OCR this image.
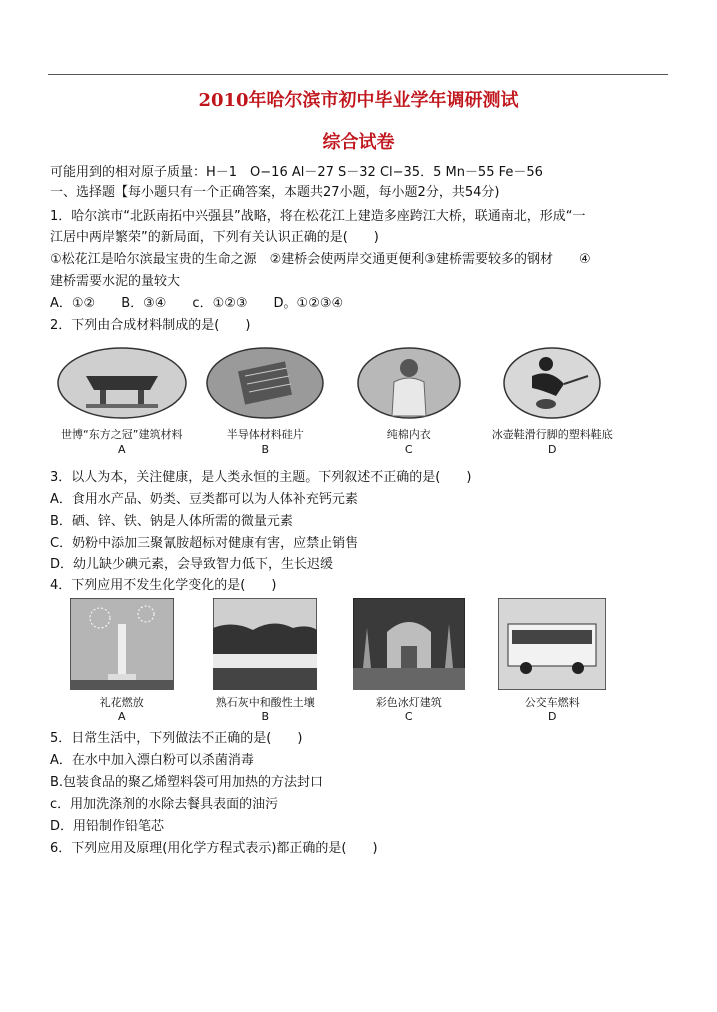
2010年哈尔滨市初中毕业学年调研测试
综合试卷
可能用到的相对原子质量：H－1　O−16 Al－27 S－32 Cl−35．5 Mn－55 Fe－56
一、选择题【每小题只有一个正确答案，本题共27小题，每小题2分，共54分)
1．哈尔滨市“北跃南拓中兴强县”战略，将在松花江上建造多座跨江大桥，联通南北，形成“一
江居中两岸繁荣”的新局面，下列有关认识正确的是(　　)
①松花江是哈尔滨最宝贵的生命之源　②建桥会使两岸交通更便利③建桥需要较多的钢材　　④
建桥需要水泥的量较大
A．①②　　B．③④　　c．①②③　　D。①②③④
2．下列由合成材料制成的是(　　)
世博“东方之冠”建筑材料
A
半导体材料硅片
B
纯棉内衣
C
冰壶鞋滑行脚的塑料鞋底
D
3．以人为本，关注健康，是人类永恒的主题。下列叙述不正确的是(　　)
A．食用水产品、奶类、豆类都可以为人体补充钙元素
B．硒、锌、铁、钠是人体所需的微量元素
C．奶粉中添加三聚氰胺超标对健康有害，应禁止销售
D．幼儿缺少碘元素，会导致智力低下，生长迟缓
4．下列应用不发生化学变化的是(　　)
礼花燃放
A
熟石灰中和酸性土壤
B
彩色冰灯建筑
C
公交车燃料
D
5．日常生活中，下列做法不正确的是(　　)
A．在水中加入漂白粉可以杀菌消毒
B.包装食品的聚乙烯塑料袋可用加热的方法封口
c．用加洗涤剂的水除去餐具表面的油污
D．用铅制作铅笔芯
6．下列应用及原理(用化学方程式表示)都正确的是(　　)
